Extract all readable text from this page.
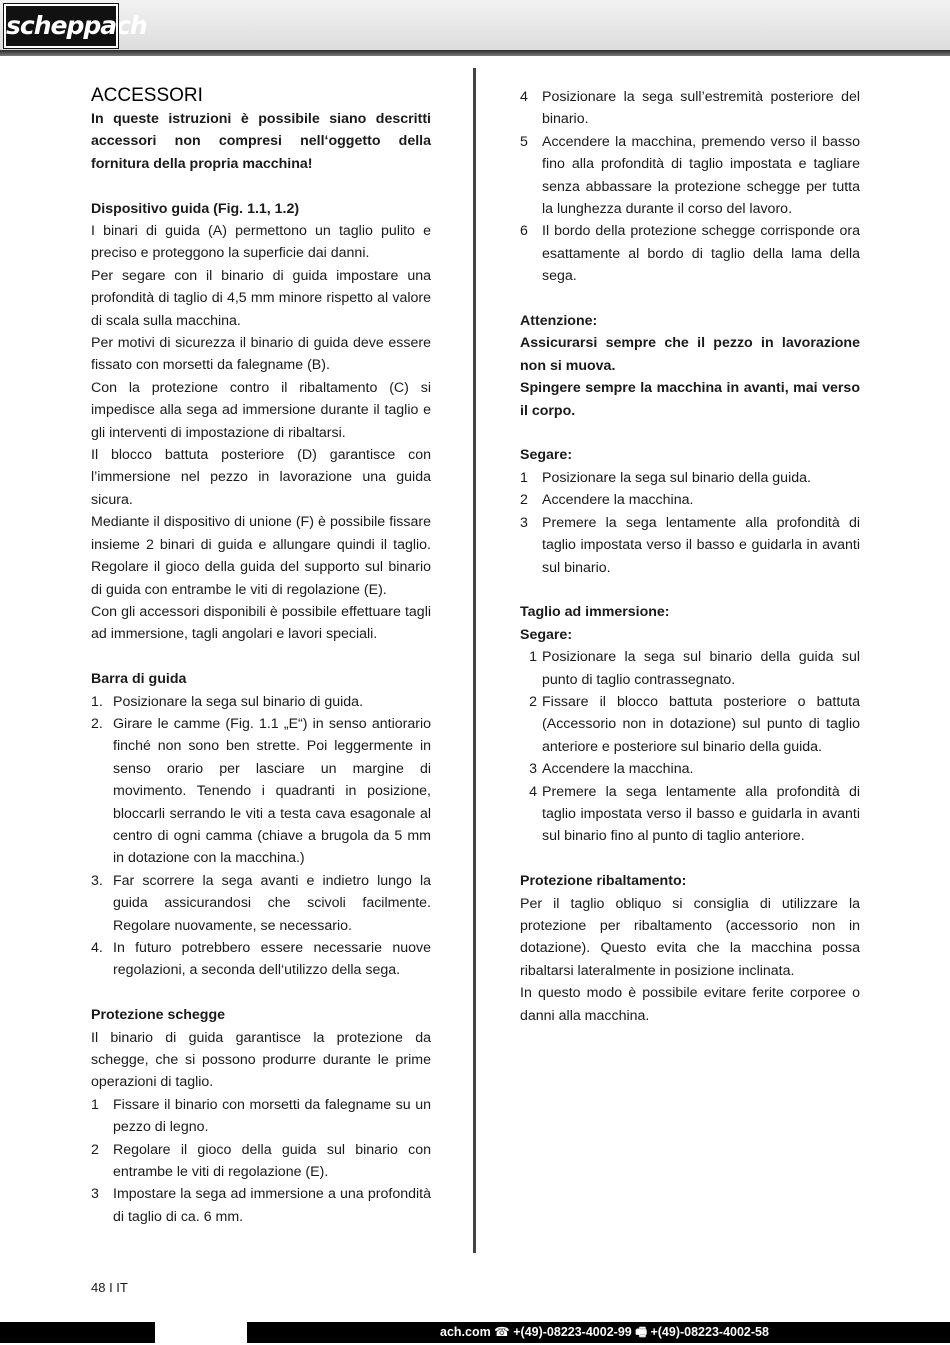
scheppach
ACCESSORI

In queste istruzioni è possibile siano descritti accessori non compresi nell‘oggetto della fornitura della propria macchina!

Dispositivo guida (Fig. 1.1, 1.2)

I binari di guida (A) permettono un taglio pulito e preciso e proteggono la superficie dai danni.

Per segare con il binario di guida impostare una profondità di taglio di 4,5 mm minore rispetto al valore di scala sulla macchina.

Per motivi di sicurezza il binario di guida deve essere fissato con morsetti da falegname (B).

Con la protezione contro il ribaltamento (C) si impedisce alla sega ad immersione durante il taglio e gli interventi di impostazione di ribaltarsi.

Il blocco battuta posteriore (D) garantisce con l’immersione nel pezzo in lavorazione una guida sicura.

Mediante il dispositivo di unione (F) è possibile fissare insieme 2 binari di guida e allungare quindi il taglio. Regolare il gioco della guida del supporto sul binario di guida con entrambe le viti di regolazione (E).

Con gli accessori disponibili è possibile effettuare tagli ad immersione, tagli angolari e lavori speciali.

Barra di guida
1. Posizionare la sega sul binario di guida.
2. Girare le camme (Fig. 1.1 „E“) in senso antiorario finché non sono ben strette. Poi leggermente in senso orario per lasciare un margine di movimento. Tenendo i quadranti in posizione, bloccarli serrando le viti a testa cava esagonale al centro di ogni camma (chiave a brugola da 5 mm in dotazione con la macchina.)
3. Far scorrere la sega avanti e indietro lungo la guida assicurandosi che scivoli facilmente. Regolare nuovamente, se necessario.
4. In futuro potrebbero essere necessarie nuove regolazioni, a seconda dell‘utilizzo della sega.
Protezione schegge

Il binario di guida garantisce la protezione da schegge, che si possono produrre durante le prime operazioni di taglio.

1 Fissare il binario con morsetti da falegname su un pezzo di legno.
2 Regolare il gioco della guida sul binario con entrambe le viti di regolazione (E).
3 Impostare la sega ad immersione a una profondità di taglio di ca. 6 mm.
4 Posizionare la sega sull’estremità posteriore del binario.
5 Accendere la macchina, premendo verso il basso fino alla profondità di taglio impostata e tagliare senza abbassare la protezione schegge per tutta la lunghezza durante il corso del lavoro.
6 Il bordo della protezione schegge corrisponde ora esattamente al bordo di taglio della lama della sega.
Attenzione:

Assicurarsi sempre che il pezzo in lavorazione non si muova.

Spingere sempre la macchina in avanti, mai verso il corpo.

Segare:
1 Posizionare la sega sul binario della guida.
2 Accendere la macchina.
3 Premere la sega lentamente alla profondità di taglio impostata verso il basso e guidarla in avanti sul binario.
Taglio ad immersione:
Segare:
1 Posizionare la sega sul binario della guida sul punto di taglio contrassegnato.
2 Fissare il blocco battuta posteriore o battuta (Accessorio non in dotazione) sul punto di taglio anteriore e posteriore sul binario della guida.
3 Accendere la macchina.
4 Premere la sega lentamente alla profondità di taglio impostata verso il basso e guidarla in avanti sul binario fino al punto di taglio anteriore.
Protezione ribaltamento:

Per il taglio obliquo si consiglia di utilizzare la protezione per ribaltamento (accessorio non in dotazione). Questo evita che la macchina possa ribaltarsi lateralmente in posizione inclinata.

In questo modo è possibile evitare ferite corporee o danni alla macchina.

48 I IT
ach.com ☎ +(49)-08223-4002-99 🖷 +(49)-08223-4002-58
